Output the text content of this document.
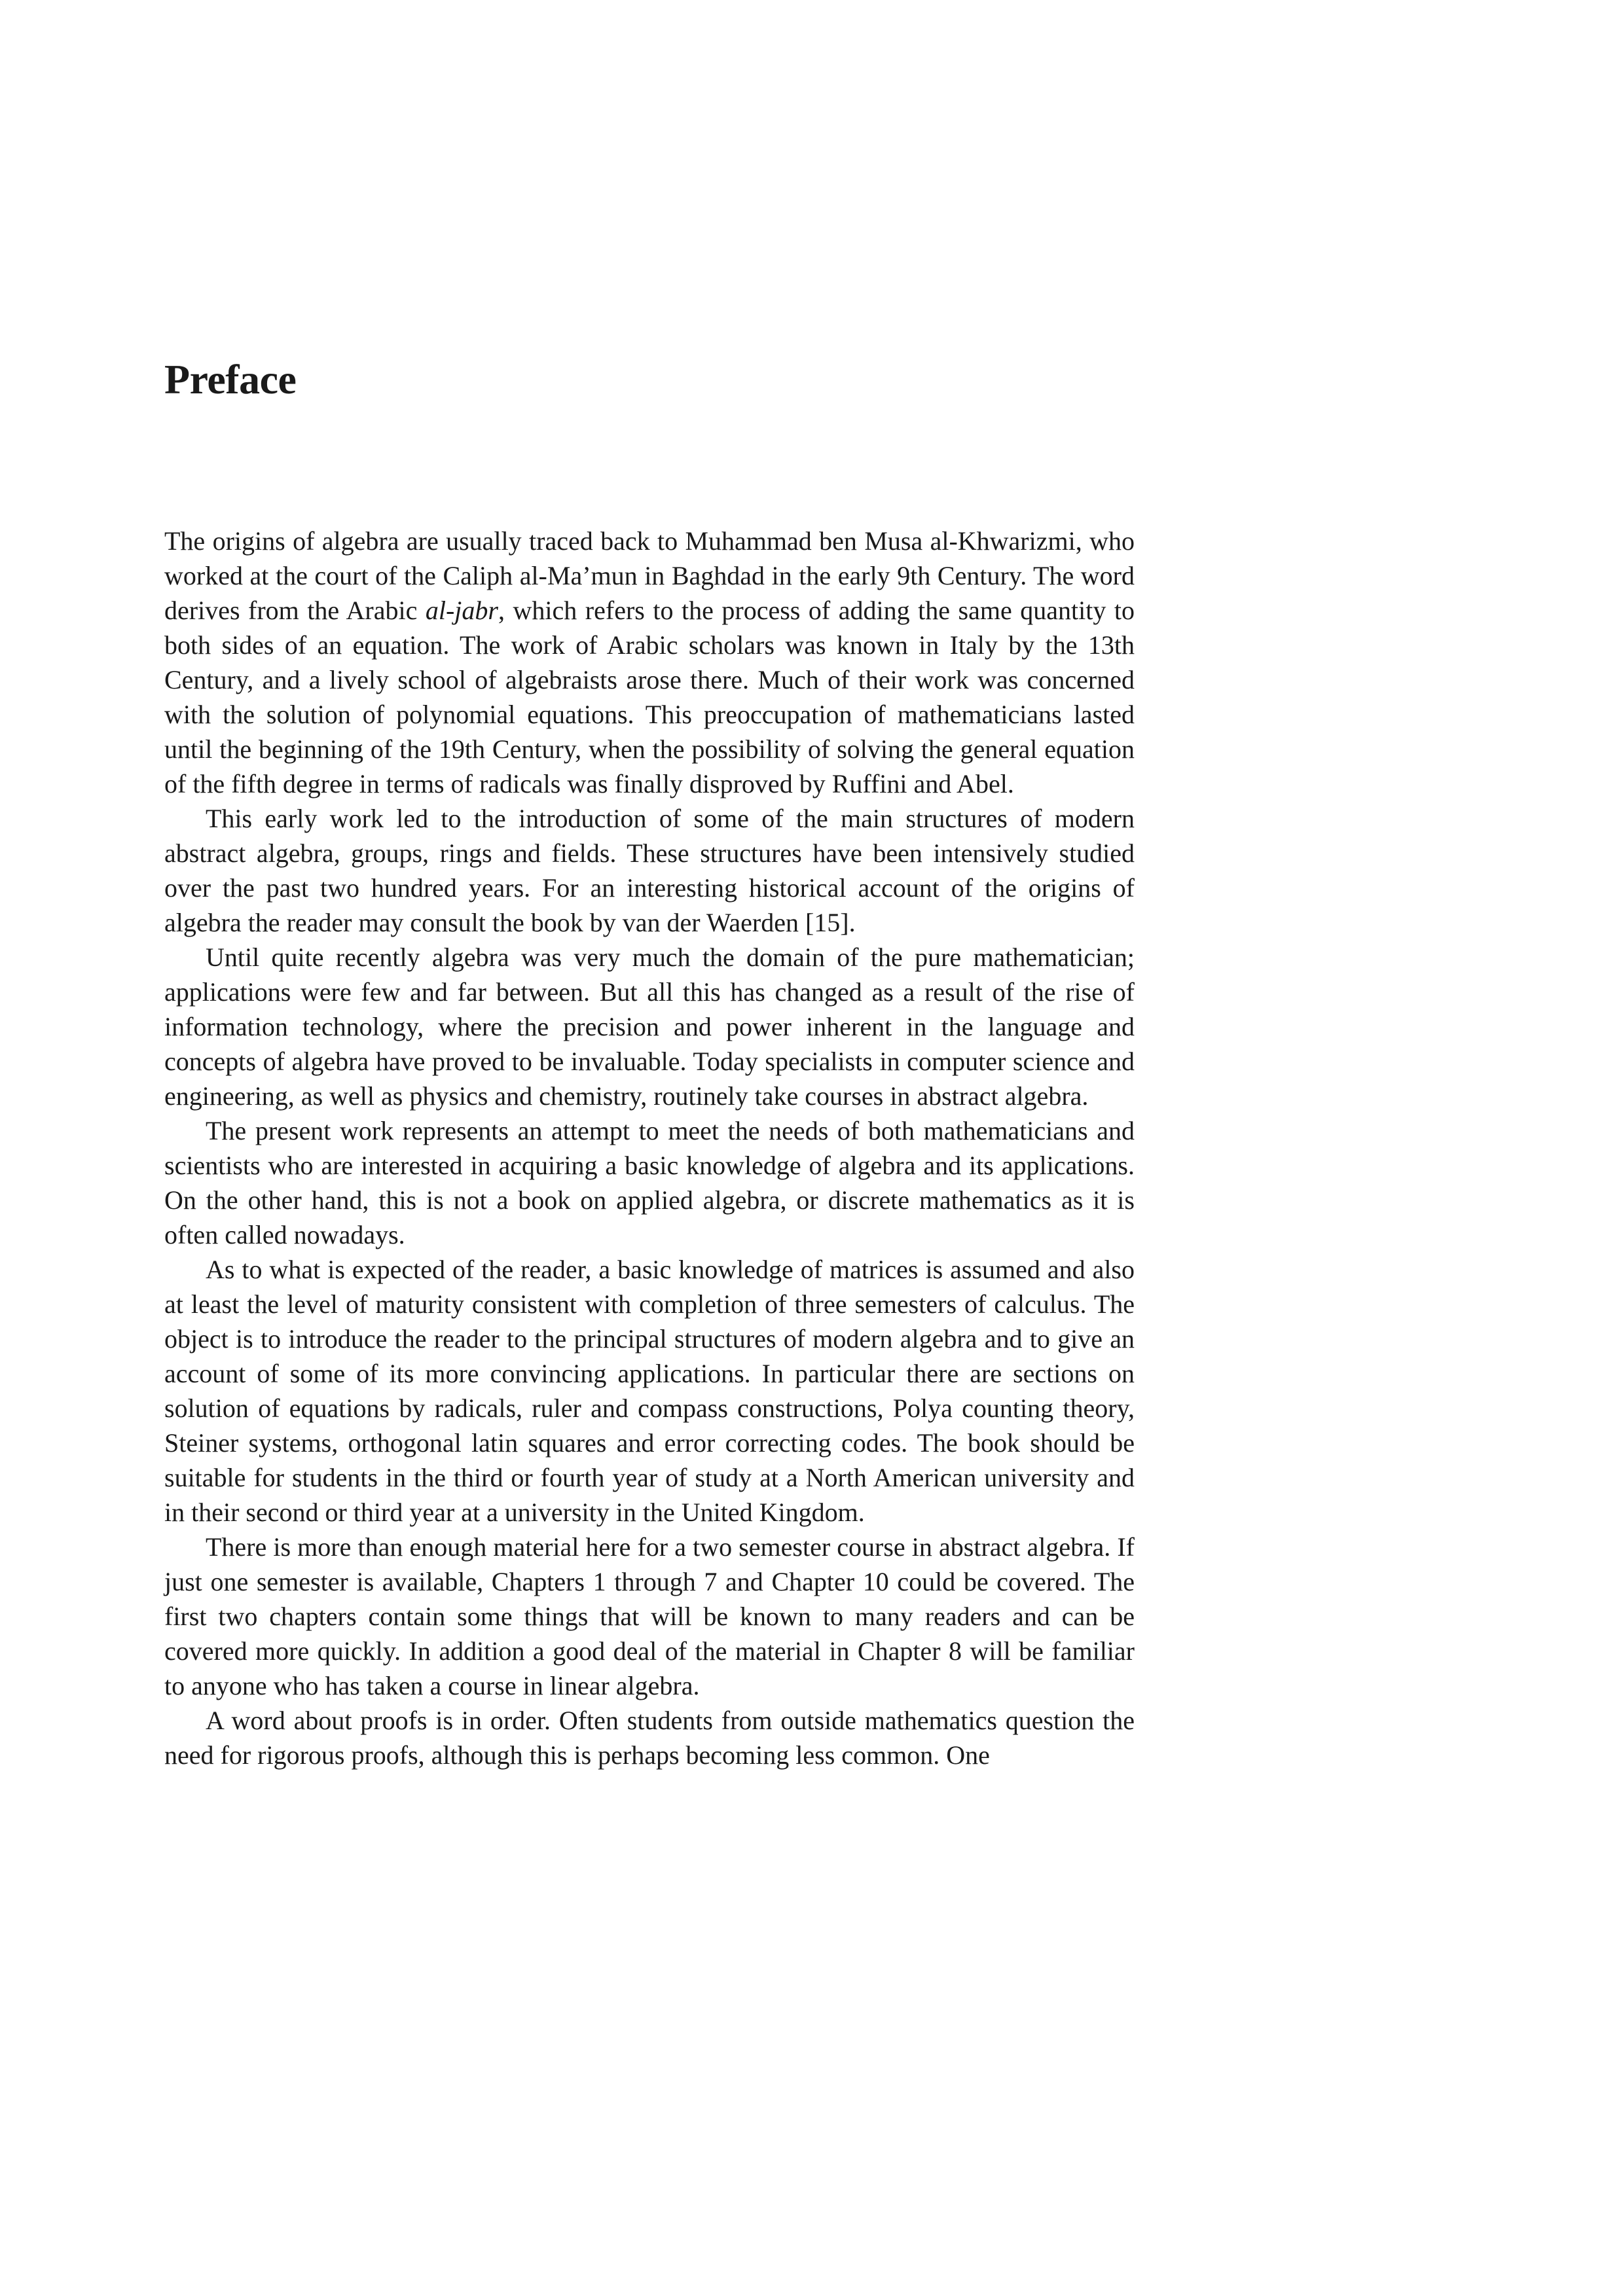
Preface

The origins of algebra are usually traced back to Muhammad ben Musa al-Khwarizmi, who worked at the court of the Caliph al-Ma’mun in Baghdad in the early 9th Century. The word derives from the Arabic al-jabr, which refers to the process of adding the same quantity to both sides of an equation. The work of Arabic scholars was known in Italy by the 13th Century, and a lively school of algebraists arose there. Much of their work was concerned with the solution of polynomial equations. This preoccupation of mathematicians lasted until the beginning of the 19th Century, when the possibility of solving the general equation of the fifth degree in terms of radicals was finally disproved by Ruffini and Abel.

This early work led to the introduction of some of the main structures of modern abstract algebra, groups, rings and fields. These structures have been intensively studied over the past two hundred years. For an interesting historical account of the origins of algebra the reader may consult the book by van der Waerden [15].

Until quite recently algebra was very much the domain of the pure mathematician; applications were few and far between. But all this has changed as a result of the rise of information technology, where the precision and power inherent in the language and concepts of algebra have proved to be invaluable. Today specialists in computer science and engineering, as well as physics and chemistry, routinely take courses in abstract algebra.

The present work represents an attempt to meet the needs of both mathematicians and scientists who are interested in acquiring a basic knowledge of algebra and its applications. On the other hand, this is not a book on applied algebra, or discrete mathematics as it is often called nowadays.

As to what is expected of the reader, a basic knowledge of matrices is assumed and also at least the level of maturity consistent with completion of three semesters of calculus. The object is to introduce the reader to the principal structures of modern algebra and to give an account of some of its more convincing applications. In particular there are sections on solution of equations by radicals, ruler and compass constructions, Polya counting theory, Steiner systems, orthogonal latin squares and error correcting codes. The book should be suitable for students in the third or fourth year of study at a North American university and in their second or third year at a university in the United Kingdom.

There is more than enough material here for a two semester course in abstract algebra. If just one semester is available, Chapters 1 through 7 and Chapter 10 could be covered. The first two chapters contain some things that will be known to many readers and can be covered more quickly. In addition a good deal of the material in Chapter 8 will be familiar to anyone who has taken a course in linear algebra.

A word about proofs is in order. Often students from outside mathematics question the need for rigorous proofs, although this is perhaps becoming less common. One
